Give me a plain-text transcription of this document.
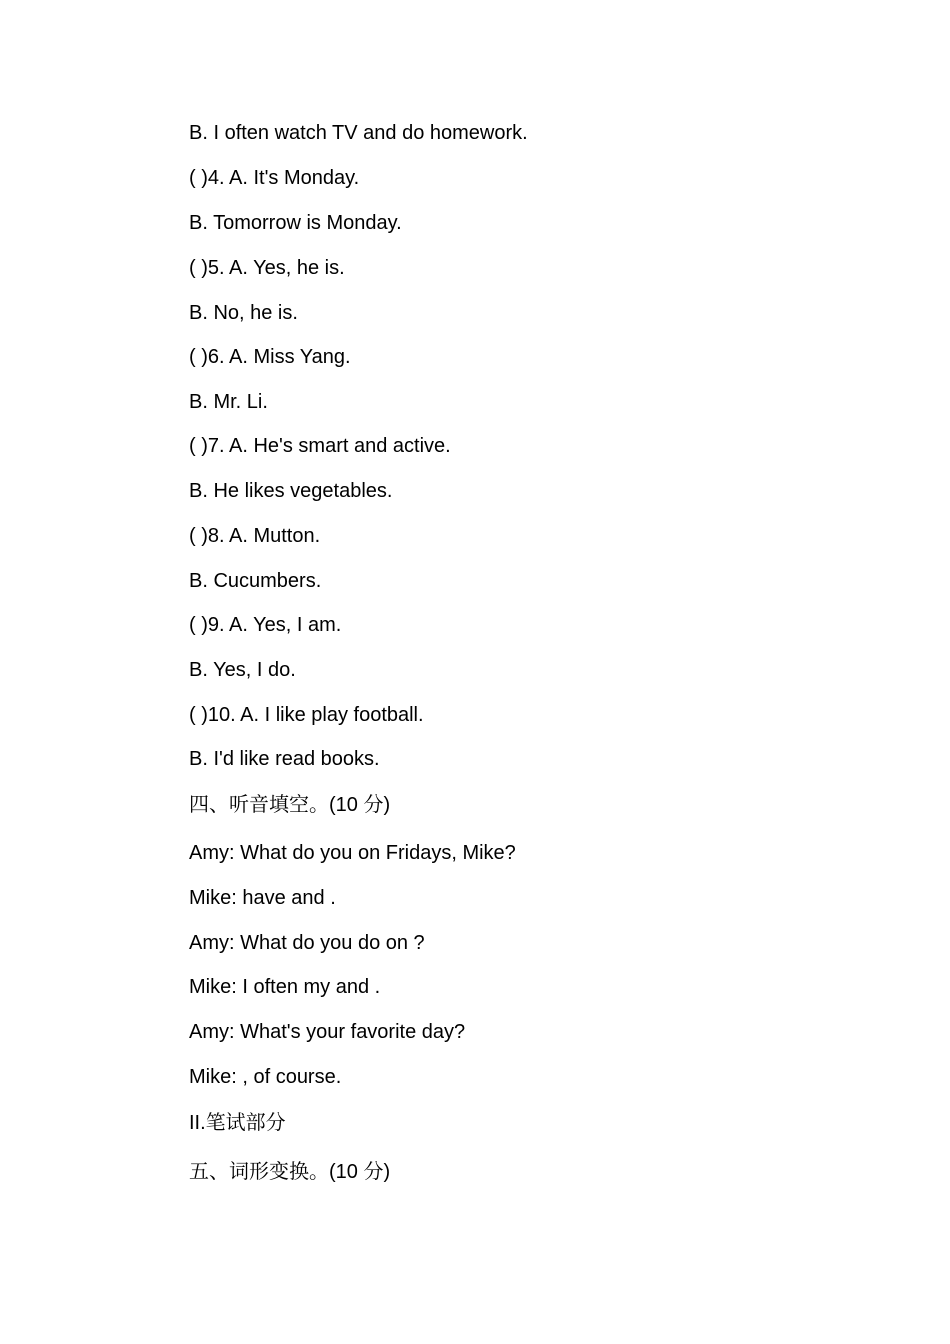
B. I often watch TV and do homework.
( )4. A. It's Monday.
B. Tomorrow is Monday.
( )5. A. Yes, he is.
B. No, he is.
( )6. A. Miss Yang.
B. Mr. Li.
( )7. A. He's smart and active.
B. He likes vegetables.
( )8. A. Mutton.
B. Cucumbers.
( )9. A. Yes, I am.
B. Yes, I do.
( )10. A. I like play football.
B. I'd like read books.
四、听音填空。(10 分)
Amy: What do you on Fridays, Mike?
Mike: have and .
Amy: What do you do on ?
Mike: I often my and .
Amy: What's your favorite day?
Mike: , of course.
II.笔试部分
五、词形变换。(10 分)
